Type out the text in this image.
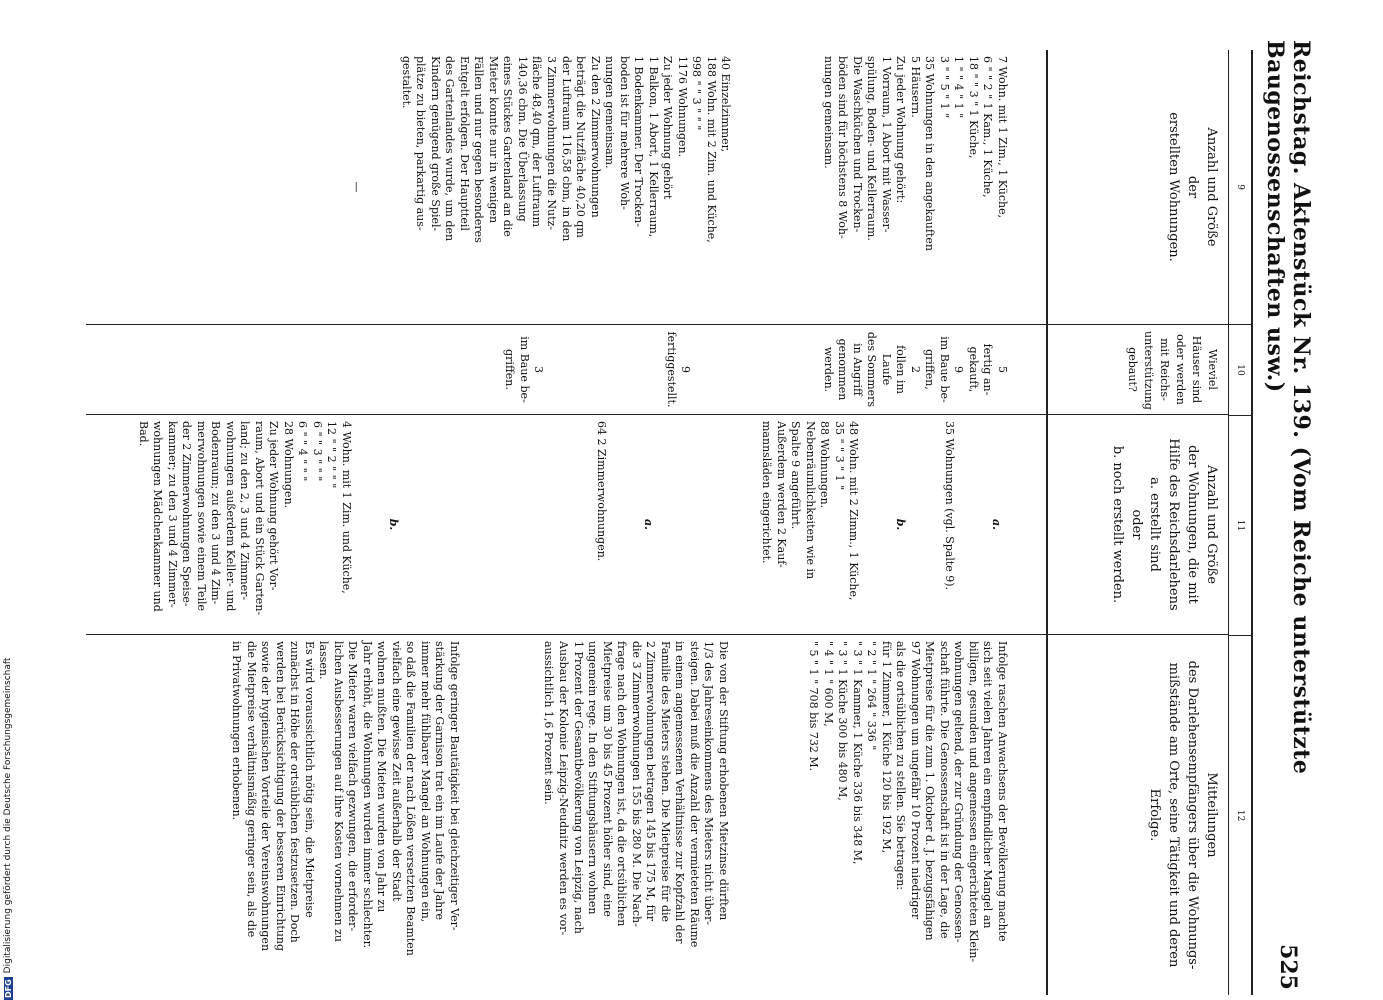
Reichstag. Aktenstück Nr. 139. (Vom Reiche unterstützte Baugenossenschaften usw.)
525
9
10
11
12
Anzahl und Größe
der
erstellten Wohnungen.
Wieviel
Häuser sind
oder werden
mit Reichs-
unterstützung
gebaut?
Anzahl und Größe
der Wohnungen, die mit
Hilfe des Reichsdarlehens
a. erstellt sind
oder
b. noch erstellt werden.
Mitteilungen
des Darlehensempfängers über die Wohnungs-
mißstände am Orte, seine Tätigkeit und deren
Erfolge.

7 Wohn. mit 1 Zim., 1 Küche,
6 " " 2 " 1 Kam., 1 Küche,
18 " " 3 " 1 Küche,
1 " " 4 " 1 "
3 " " 5 " 1 "
35 Wohnungen in den angekauften
5 Häusern.
Zu jeder Wohnung gehört:
1 Vorraum, 1 Abort mit Wasser-
spülung, Boden- und Kellerraum.
Die Waschküchen und Trocken-
böden sind für höchstens 8 Woh-
nungen gemeinsam.

40 Einzelzimmer,
188 Wohn. mit 2 Zim. und Küche,
998 " " 3 " " "
1176 Wohnungen.
Zu jeder Wohnung gehört
1 Balkon, 1 Abort, 1 Kellerraum,
1 Bodenkammer. Der Trocken-
boden ist für mehrere Woh-
nungen gemeinsam.
Zu den 2 Zimmerwohnungen
beträgt die Nutzfläche 40,20 qm
der Luftraum 116,58 cbm, in den
3 Zimmerwohnungen die Nutz-
fläche 48,40 qm, der Luftraum
140,36 cbm. Die Überlassung
eines Stückes Gartenland an die
Mieter konnte nur in wenigen
Fällen und nur gegen besonderes
Entgelt erfolgen. Der Hauptteil
des Gartenlandes wurde, um den
Kindern genügend große Spiel-
plätze zu bieten, parkartig aus-
gestaltet.

—

5
fertig an-
gekauft,
9
im Baue be-
griffen,
2
follen im Laufe
des Sommers
in Angriff
genommen
werden.

9
fertiggestellt.

3
im Baue be-
griffen.

a.

35 Wohnungen (vgl. Spalte 9).

b.

48 Wohn. mit 2 Zimm., 1 Küche,
35 " " 3 " 1 "
88 Wohnungen.
Nebenräumlichkeiten wie in
Spalte 9 angeführt.
Außerdem werden 2 Kauf-
mannsläden eingerichtet.

a.

64 2 Zimmerwohnungen.

b.

4 Wohn. mit 1 Zim. und Küche,
12 " " 2 " " "
6 " " 3 " " "
6 " " 4 " " "
28 Wohnungen.
Zu jeder Wohnung gehört Vor-
raum, Abort und ein Stück Garten-
land; zu den 2, 3 und 4 Zimmer-
wohnungen außerdem Keller- und
Bodenraum; zu den 3 und 4 Zim-
merwohnungen sowie einem Teile
der 2 Zimmerwohnungen Speise-
kammer; zu den 3 und 4 Zimmer-
wohnungen Mädchenkammer und
Bad.

Infolge raschen Anwachsens der Bevölkerung machte
sich seit vielen Jahren ein empfindlicher Mangel an
billigen, gesunden und angemessen eingerichteten Klein-
wohnungen geltend, der zur Gründung der Genossen-
schaft führte. Die Genossenschaft ist in der Lage, die
Mietpreise für die zum 1. Oktober d. J. bezugsfähigen
97 Wohnungen um ungefähr 10 Prozent niedriger
als die ortsüblichen zu stellen. Sie betragen:
für 1 Zimmer, 1 Küche 120 bis 192 M,
" 2 " 1 " 264 " 336 "
" 3 " 1 Kammer, 1 Küche 336 bis 348 M,
" 3 " 1 Küche 300 bis 480 M,
" 4 " 1 " 600 M,
" 5 " 1 " 708 bis 732 M.

Die von der Stiftung erhobenen Mietzinse dürften
1/3 des Jahreseinkommens des Mieters nicht über-
steigen. Dabei muß die Anzahl der vermieteten Räume
in einem angemessenen Verhältnisse zur Kopfzahl der
Familie des Mieters stehen. Die Mietpreise für die
2 Zimmerwohnungen betragen 145 bis 175 M, für
die 3 Zimmerwohnungen 155 bis 280 M. Die Nach-
frage nach den Wohnungen ist, da die ortsüblichen
Mietpreise um 30 bis 45 Prozent höher sind, eine
ungemein rege. In den Stiftungshäusern wohnen
1 Prozent der Gesamtbevölkerung von Leipzig, nach
Ausbau der Kolonie Leipzig-Neudnitz werden es vor-
aussichtlich 1,6 Prozent sein.

Infolge geringer Bautätigkeit bei gleichzeitiger Ver-
stärkung der Garnison trat ein im Laufe der Jahre
immer mehr fühlbarer Mangel an Wohnungen ein,
so daß die Familien der nach Lößen versetzten Beamten
vielfach eine gewisse Zeit außerhalb der Stadt
wohnen mußten. Die Mieten wurden von Jahr zu
Jahr erhöht, die Wohnungen wurden immer schlechter.
Die Mieter waren vielfach gezwungen, die erforder-
lichen Ausbesserungen auf ihre Kosten vornehmen zu
lassen.
Es wird voraussichtlich nötig sein, die Mietpreise
zunächst in Höhe der ortsüblichen festzusetzen. Doch
werden bei Berücksichtigung der besseren Einrichtung
sowie der hygienischen Vorteile der Vereinswohnungen
die Mietpreise verhältnismäßig geringer sein, als die
in Privatwohnungen erhobenen.

DFG
Digitalisierung gefördert durch die Deutsche Forschungsgemeinschaft
